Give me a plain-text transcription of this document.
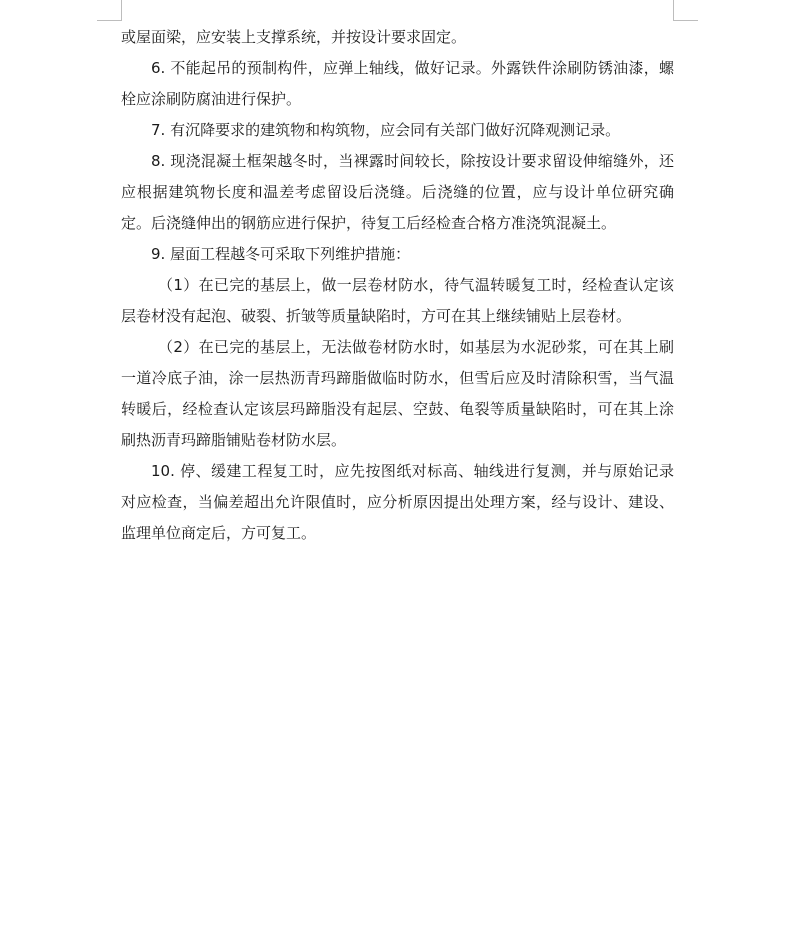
或屋面梁，应安装上支撑系统，并按设计要求固定。

6. 不能起吊的预制构件，应弹上轴线，做好记录。外露铁件涂刷防锈油漆，螺栓应涂刷防腐油进行保护。

7. 有沉降要求的建筑物和构筑物，应会同有关部门做好沉降观测记录。

8. 现浇混凝土框架越冬时，当裸露时间较长，除按设计要求留设伸缩缝外，还应根据建筑物长度和温差考虑留设后浇缝。后浇缝的位置，应与设计单位研究确定。后浇缝伸出的钢筋应进行保护，待复工后经检查合格方准浇筑混凝土。

9. 屋面工程越冬可采取下列维护措施：

（1）在已完的基层上，做一层卷材防水，待气温转暖复工时，经检查认定该层卷材没有起泡、破裂、折皱等质量缺陷时，方可在其上继续铺贴上层卷材。

（2）在已完的基层上，无法做卷材防水时，如基层为水泥砂浆，可在其上刷一道冷底子油，涂一层热沥青玛蹄脂做临时防水，但雪后应及时清除积雪，当气温转暖后，经检查认定该层玛蹄脂没有起层、空鼓、龟裂等质量缺陷时，可在其上涂刷热沥青玛蹄脂铺贴卷材防水层。

10. 停、缓建工程复工时，应先按图纸对标高、轴线进行复测，并与原始记录对应检查，当偏差超出允许限值时，应分析原因提出处理方案，经与设计、建设、监理单位商定后，方可复工。
